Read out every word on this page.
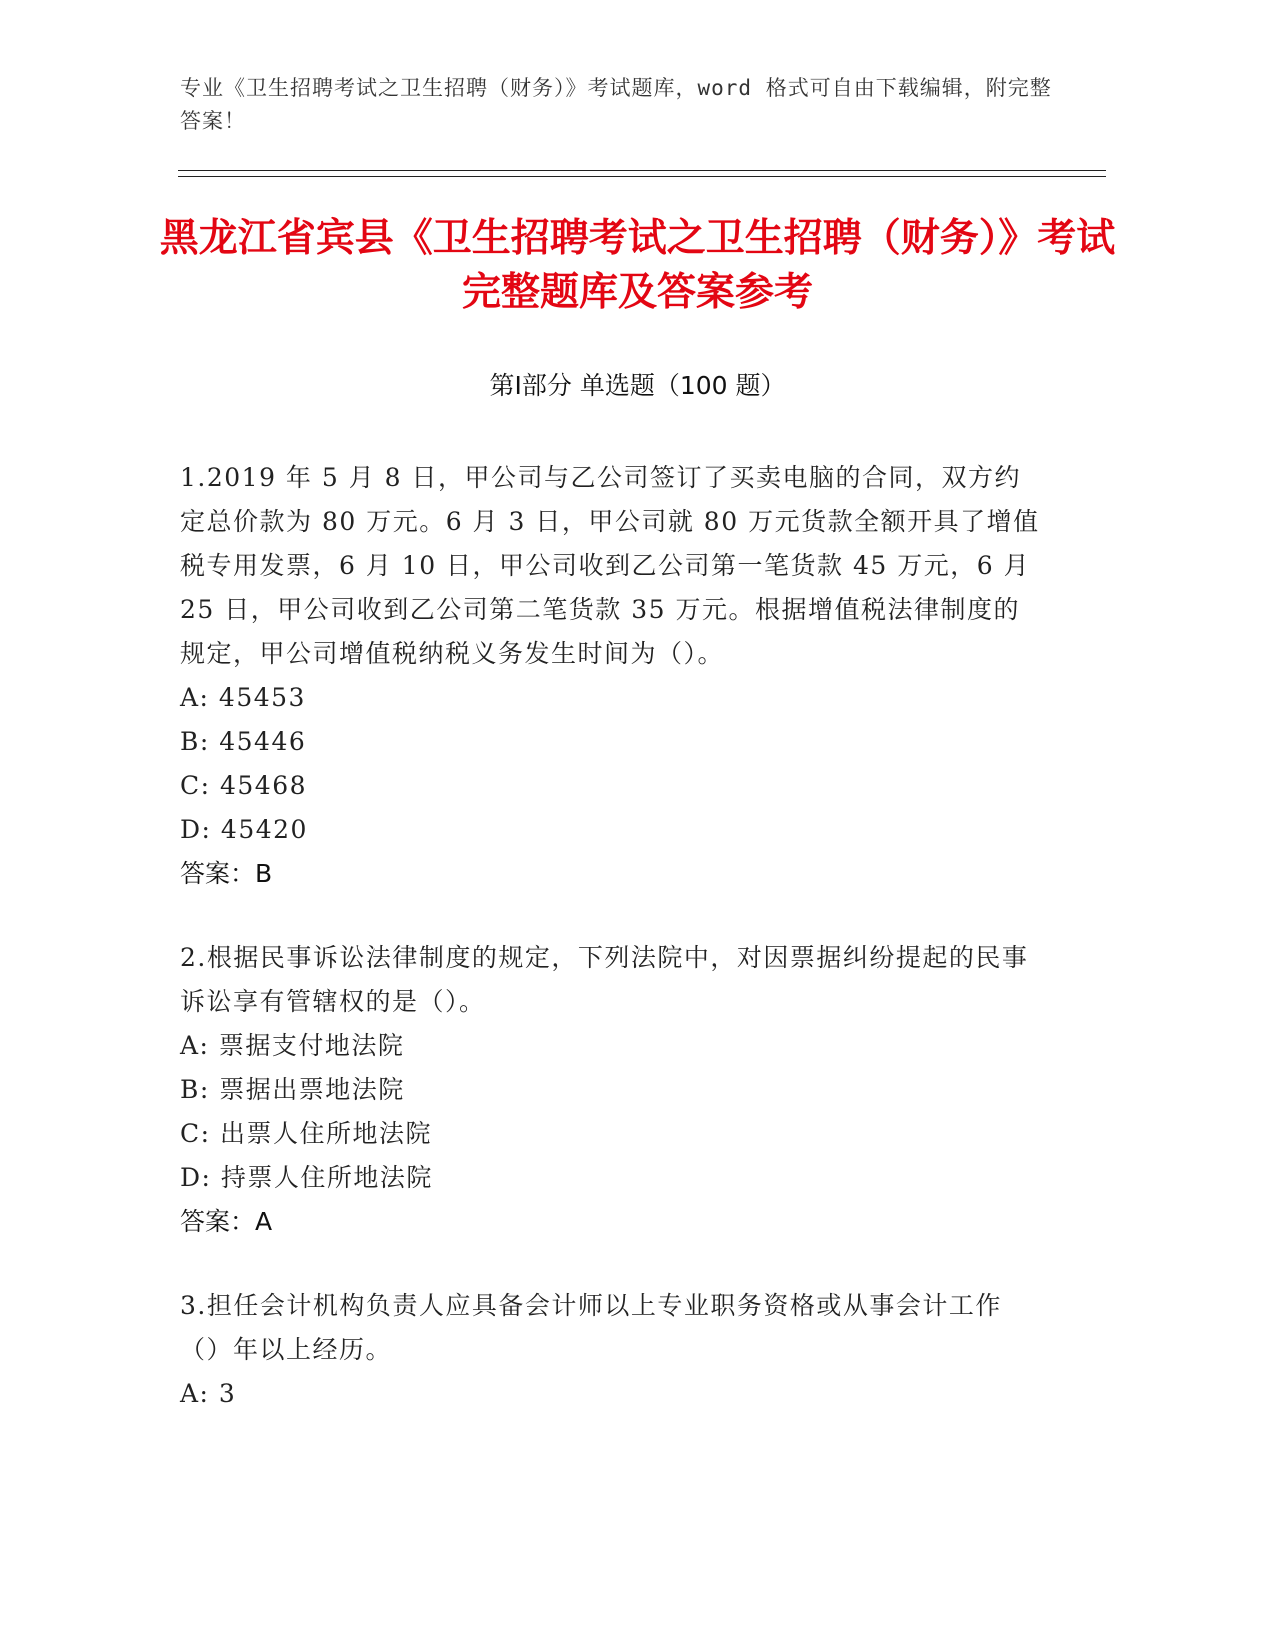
专业《卫生招聘考试之卫生招聘（财务）》考试题库，word 格式可自由下载编辑，附完整答案！
黑龙江省宾县《卫生招聘考试之卫生招聘（财务）》考试完整题库及答案参考
第Ⅰ部分 单选题（100 题）

1.2019 年 5 月 8 日，甲公司与乙公司签订了买卖电脑的合同，双方约定总价款为 80 万元。6 月 3 日，甲公司就 80 万元货款全额开具了增值税专用发票，6 月 10 日，甲公司收到乙公司第一笔货款 45 万元，6 月 25 日，甲公司收到乙公司第二笔货款 35 万元。根据增值税法律制度的规定，甲公司增值税纳税义务发生时间为（）。

A: 45453

B: 45446

C: 45468

D: 45420

答案：B

2.根据民事诉讼法律制度的规定，下列法院中，对因票据纠纷提起的民事诉讼享有管辖权的是（）。

A: 票据支付地法院

B: 票据出票地法院

C: 出票人住所地法院

D: 持票人住所地法院

答案：A

3.担任会计机构负责人应具备会计师以上专业职务资格或从事会计工作（）年以上经历。

A: 3
